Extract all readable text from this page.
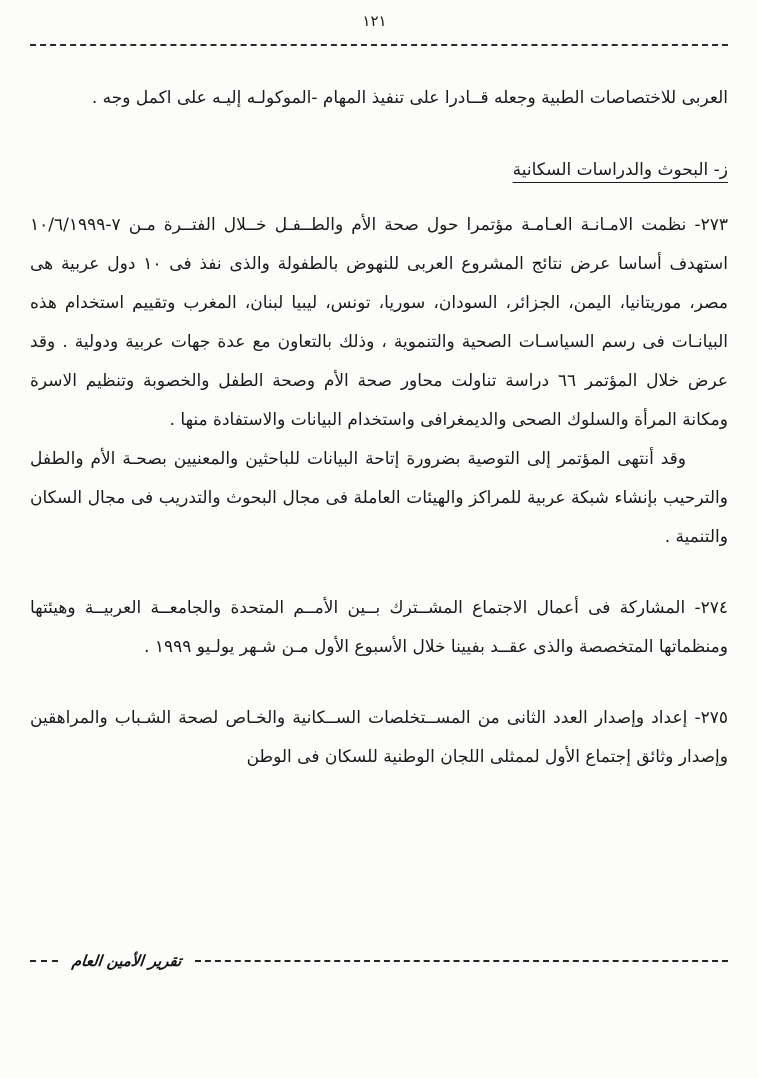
١٢١

العربى للاختصاصات الطبية وجعله قــادرا على تنفيذ المهام -الموكولـه إليـه على اكمل وجه .

ز- البحوث والدراسات السكانية

٢٧٣- نظمت الامـانـة العـامـة مؤتمرا حول صحة الأم والطــفـل خــلال الفتــرة مـن ٧-١٠/٦/١٩٩٩ استهدف أساسا عرض نتائج المشروع العربى للنهوض بالطفولة والذى نفذ فى ١٠ دول عربية هى مصر، موريتانيا، اليمن، الجزائر، السودان، سوريا، تونس، ليبيا لبنان، المغرب وتقييم استخدام هذه البيانـات فى رسم السياسـات الصحية والتنموية ، وذلك بالتعاون مع عدة جهات عربية ودولية . وقد عرض خلال المؤتمر ٦٦ دراسة تناولت محاور صحة الأم وصحة الطفل والخصوبة وتنظيم الاسرة ومكانة المرأة والسلوك الصحى والديمغرافى واستخدام البيانات والاستفادة منها .

وقد أنتهى المؤتمر إلى التوصية بضرورة إتاحة البيانات للباحثين والمعنيين بصحـة الأم والطفل والترحيب بإنشاء شبكة عربية للمراكز والهيئات العاملة فى مجال البحوث والتدريب فى مجال السكان والتنمية .

٢٧٤- المشاركة فى أعمال الاجتماع المشــترك بــين الأمــم المتحدة والجامعــة العربيــة وهيئتها ومنظماتها المتخصصة والذى عقــد بفيينا خلال الأسبوع الأول مـن شـهر يولـيو ١٩٩٩ .

٢٧٥- إعداد وإصدار العدد الثانى من المســتخلصات الســكانية والخـاص لصحة الشـباب والمراهقين وإصدار وثائق إجتماع الأول لممثلى اللجان الوطنية للسكان فى الوطن

تقرير الأمين العام
